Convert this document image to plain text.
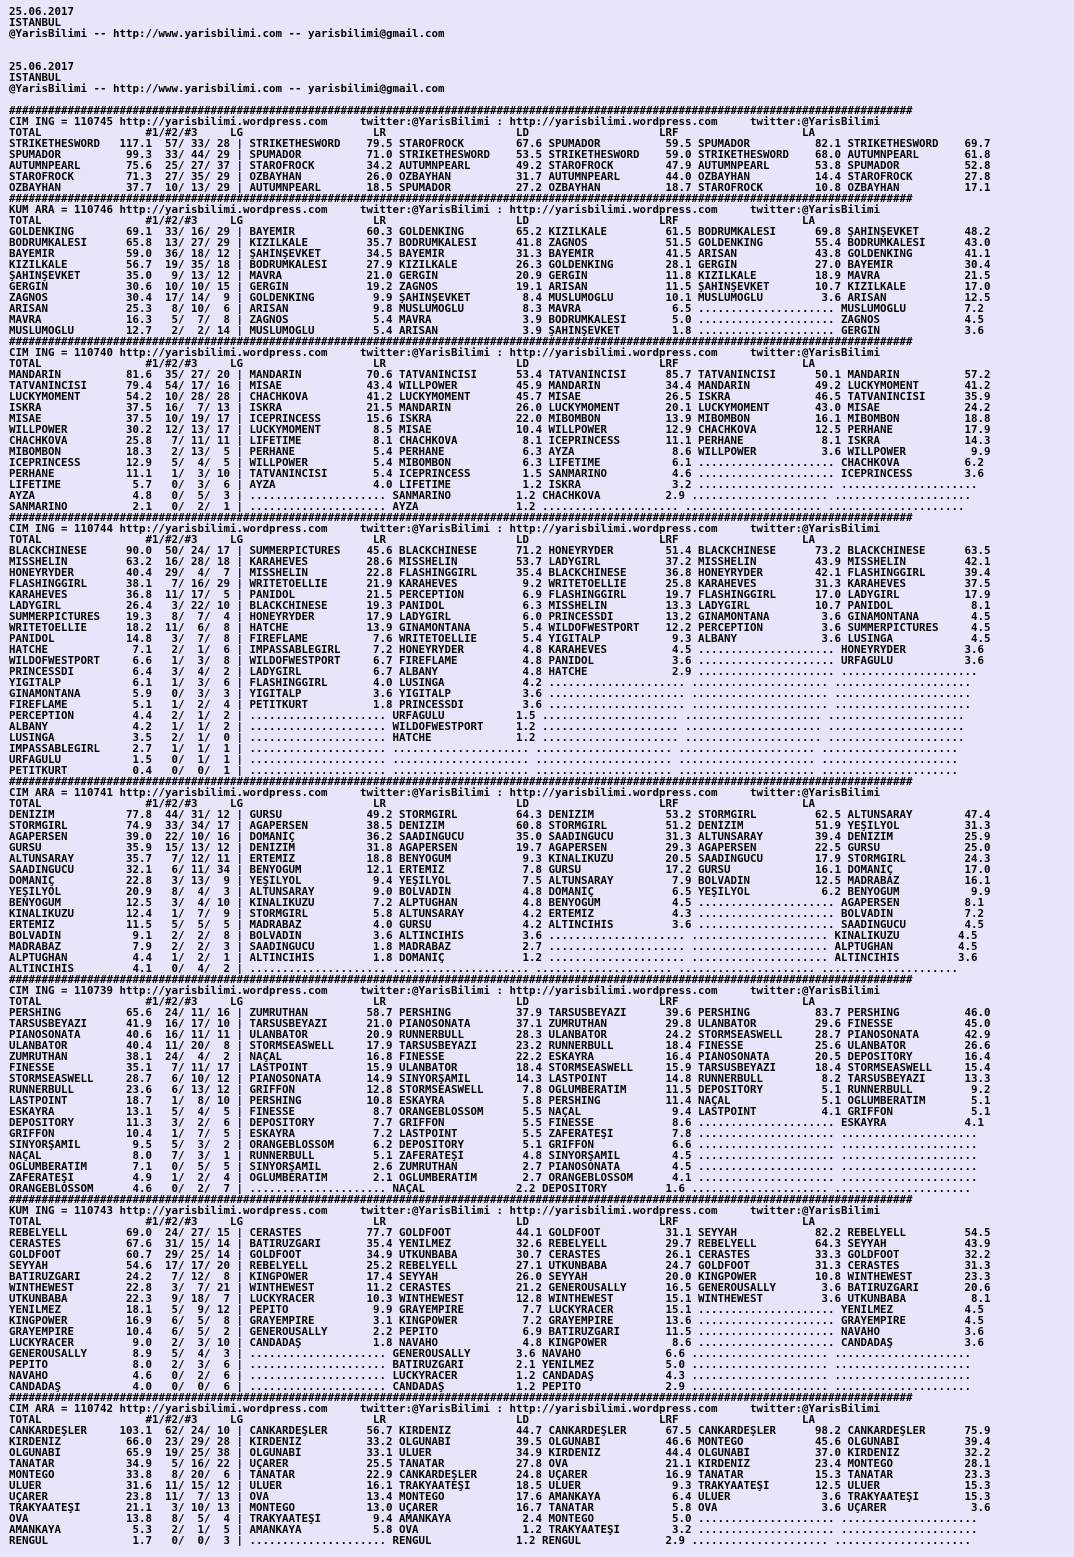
25.06.2017
ISTANBUL
@YarisBilimi -- http://www.yarisbilimi.com -- yarisbilimi@gmail.com
25.06.2017
ISTANBUL
@YarisBilimi -- http://www.yarisbilimi.com -- yarisbilimi@gmail.com
###########################################################################################################################################
CIM ING = 110745 http://yarisbilimi.wordpress.com     twitter:@YarisBilimi : http://yarisbilimi.wordpress.com     twitter:@YarisBilimi
TOTAL                #1/#2/#3     LG                    LR                    LD                    LRF                   LA
STRIKETHESWORD   117.1  57/ 33/ 28 | STRIKETHESWORD    79.5 STAROFROCK        67.6 SPUMADOR          59.5 SPUMADOR          82.1 STRIKETHESWORD    69.7
SPUMADOR          99.3  33/ 44/ 29 | SPUMADOR          71.0 STRIKETHESWORD    53.5 STRIKETHESWORD    59.0 STRIKETHESWORD    68.0 AUTUMNPEARL       61.8
AUTUMNPEARL       75.6  25/ 27/ 37 | STAROFROCK        34.2 AUTUMNPEARL       49.2 STAROFROCK        47.9 AUTUMNPEARL       53.8 SPUMADOR          52.8
STAROFROCK        71.3  27/ 35/ 29 | OZBAYHAN          26.0 OZBAYHAN          31.7 AUTUMNPEARL       44.0 OZBAYHAN          14.4 STAROFROCK        27.8
OZBAYHAN          37.7  10/ 13/ 29 | AUTUMNPEARL       18.5 SPUMADOR          27.2 OZBAYHAN          18.7 STAROFROCK        10.8 OZBAYHAN          17.1
###########################################################################################################################################
KUM ARA = 110746 http://yarisbilimi.wordpress.com     twitter:@YarisBilimi : http://yarisbilimi.wordpress.com     twitter:@YarisBilimi
TOTAL                #1/#2/#3     LG                    LR                    LD                    LRF                   LA
GOLDENKING        69.1  33/ 16/ 29 | BAYEMİR           60.3 GOLDENKING        65.2 KIZILKALE         61.5 BODRUMKALESİ      69.8 ŞAHİNŞEVKET       48.2
BODRUMKALESİ      65.8  13/ 27/ 29 | KIZILKALE         35.7 BODRUMKALESİ      41.8 ZAGNOS            51.5 GOLDENKING        55.4 BODRUMKALESİ      43.0
BAYEMİR           59.0  36/ 18/ 12 | ŞAHİNŞEVKET       34.5 BAYEMİR           31.3 BAYEMİR           41.5 ARISAN            43.8 GOLDENKING        41.1
KIZILKALE         56.7  19/ 35/ 18 | BODRUMKALESİ      27.9 KIZILKALE         26.3 GOLDENKING        28.1 GERGİN            27.0 BAYEMİR           30.4
ŞAHİNŞEVKET       35.0   9/ 13/ 12 | MAVRA             21.0 GERGİN            20.9 GERGİN            11.8 KIZILKALE         18.9 MAVRA             21.5
GERGİN            30.6  10/ 10/ 15 | GERGİN            19.2 ZAGNOS            19.1 ARISAN            11.5 ŞAHİNŞEVKET       10.7 KIZILKALE         17.0
ZAGNOS            30.4  17/ 14/  9 | GOLDENKING         9.9 ŞAHİNŞEVKET        8.4 MUSLUMOĞLU        10.1 MUSLUMOĞLU         3.6 ARISAN            12.5
ARISAN            25.3   8/ 10/  6 | ARISAN             9.8 MUSLUMOĞLU         8.3 MAVRA              6.5 ..................... MUSLUMOĞLU         7.2
MAVRA             16.3   5/  7/  8 | ZAGNOS             5.4 MAVRA              3.9 BODRUMKALESİ       5.0 ..................... ZAGNOS             4.5
MUSLUMOĞLU        12.7   2/  2/ 14 | MUSLUMOĞLU         5.4 ARISAN             3.9 ŞAHİNŞEVKET        1.8 ..................... GERGİN             3.6
###########################################################################################################################################
CIM ING = 110740 http://yarisbilimi.wordpress.com     twitter:@YarisBilimi : http://yarisbilimi.wordpress.com     twitter:@YarisBilimi
TOTAL                #1/#2/#3     LG                    LR                    LD                    LRF                   LA
MANDARİN          81.6  35/ 27/ 20 | MANDARİN          70.6 TATVANİNCİSİ      53.4 TATVANİNCİSİ      85.7 TATVANİNCİSİ      50.1 MANDARİN          57.2
TATVANİNCİSİ      79.4  54/ 17/ 16 | MİSAE             43.4 WILLPOWER         45.9 MANDARİN          34.4 MANDARİN          49.2 LUCKYMOMENT       41.2
LUCKYMOMENT       54.2  10/ 28/ 28 | CHACHKOVA         41.2 LUCKYMOMENT       45.7 MİSAE             26.5 ISKRA             46.5 TATVANİNCİSİ      35.9
ISKRA             37.5  16/  7/ 13 | ISKRA             21.5 MANDARİN          26.0 LUCKYMOMENT       20.1 LUCKYMOMENT       43.0 MİSAE             24.2
MİSAE             37.5  10/ 19/ 17 | ICEPRINCESS       15.6 ISKRA             22.0 MİBOMBON          13.9 MİBOMBON          16.1 MİBOMBON          18.8
WILLPOWER         30.2  12/ 13/ 17 | LUCKYMOMENT        8.5 MİSAE             10.4 WILLPOWER         12.9 CHACHKOVA         12.5 PERHANE           17.9
CHACHKOVA         25.8   7/ 11/ 11 | LIFETIME           8.1 CHACHKOVA          8.1 ICEPRINCESS       11.1 PERHANE            8.1 ISKRA             14.3
MİBOMBON          18.3   2/ 13/  5 | PERHANE            5.4 PERHANE            6.3 AYZA               8.6 WILLPOWER          3.6 WILLPOWER          9.9
ICEPRINCESS       12.9   5/  4/  5 | WILLPOWER          5.4 MİBOMBON           6.3 LIFETIME           6.1 ..................... CHACHKOVA          6.2
PERHANE           11.1   1/  3/ 10 | TATVANİNCİSİ       5.4 ICEPRINCESS        1.5 SANMARINO          4.6 ..................... ICEPRINCESS        3.6
LIFETIME           5.7   0/  3/  6 | AYZA               4.0 LIFETIME           1.2 ISKRA              3.2 ..................... .....................
AYZA               4.8   0/  5/  3 | ..................... SANMARINO          1.2 CHACHKOVA          2.9 ..................... .....................
SANMARINO          2.1   0/  2/  1 | ..................... AYZA               1.2 ..................... ..................... .....................
###########################################################################################################################################
CIM ING = 110744 http://yarisbilimi.wordpress.com     twitter:@YarisBilimi : http://yarisbilimi.wordpress.com     twitter:@YarisBilimi
TOTAL                #1/#2/#3     LG                    LR                    LD                    LRF                   LA
BLACKCHINESE      90.0  50/ 24/ 17 | SUMMERPICTURES    45.6 BLACKCHINESE      71.2 HONEYRYDER        51.4 BLACKCHINESE      73.2 BLACKCHINESE      63.5
MISSHELIN         63.2  16/ 28/ 18 | KARAHEVES         28.6 MISSHELIN         53.7 LADYGIRL          37.2 MISSHELIN         43.9 MISSHELIN         42.1
HONEYRYDER        40.4  29/  4/  7 | MISSHELIN         22.8 FLASHINGGIRL      35.4 BLACKCHINESE      36.8 HONEYRYDER        42.1 FLASHINGGIRL      39.4
FLASHINGGIRL      38.1   7/ 16/ 29 | WRITETOELLIE      21.9 KARAHEVES          9.2 WRITETOELLIE      25.8 KARAHEVES         31.3 KARAHEVES         37.5
KARAHEVES         36.8  11/ 17/  5 | PANIDOL           21.5 PERCEPTION         6.9 FLASHINGGIRL      19.7 FLASHINGGIRL      17.0 LADYGIRL          17.9
LADYGIRL          26.4   3/ 22/ 10 | BLACKCHINESE      19.3 PANIDOL            6.3 MISSHELIN         13.3 LADYGIRL          10.7 PANIDOL            8.1
SUMMERPICTURES    19.3   8/  7/  4 | HONEYRYDER        17.9 LADYGIRL           6.0 PRINCESSDI        13.2 GINAMONTANA        3.6 GINAMONTANA        4.5
WRITETOELLIE      18.2  11/  6/  8 | HATCHE            13.9 GINAMONTANA        5.4 WILDOFWESTPORT    12.2 PERCEPTION         3.6 SUMMERPICTURES     4.5
PANIDOL           14.8   3/  7/  8 | FIREFLAME          7.6 WRITETOELLIE       5.4 YIGITALP           9.3 ALBANY             3.6 LUSINGA            4.5
HATCHE             7.1   2/  1/  6 | IMPASSABLEGIRL     7.2 HONEYRYDER         4.8 KARAHEVES          4.5 ..................... HONEYRYDER         3.6
WILDOFWESTPORT     6.6   1/  3/  8 | WILDOFWESTPORT     6.7 FIREFLAME          4.8 PANIDOL            3.6 ..................... URFAGULU           3.6
PRINCESSDI         6.4   3/  4/  2 | LADYGIRL           6.7 ALBANY             4.8 HATCHE             2.9 ..................... .....................
YIGITALP           6.1   1/  3/  6 | FLASHINGGIRL       4.0 LUSINGA            4.2 ..................... ..................... .....................
GINAMONTANA        5.9   0/  3/  3 | YIGITALP           3.6 YIGITALP           3.6 ..................... ..................... .....................
FIREFLAME          5.1   1/  2/  4 | PETITKURT          1.8 PRINCESSDI         3.6 ..................... ..................... .....................
PERCEPTION         4.4   2/  1/  2 | ..................... URFAGULU           1.5 ..................... ..................... .....................
ALBANY             4.2   1/  1/  2 | ..................... WILDOFWESTPORT     1.2 ..................... ..................... .....................
LUSINGA            3.5   2/  1/  0 | ..................... HATCHE             1.2 ..................... ..................... .....................
IMPASSABLEGIRL     2.7   1/  1/  1 | ..................... ..................... ..................... ..................... .....................
URFAGULU           1.5   0/  1/  1 | ..................... ..................... ..................... ..................... .....................
PETITKURT          0.4   0/  0/  1 | ..................... ..................... ..................... ..................... .....................
###########################################################################################################################################
CIM ARA = 110741 http://yarisbilimi.wordpress.com     twitter:@YarisBilimi : http://yarisbilimi.wordpress.com     twitter:@YarisBilimi
TOTAL                #1/#2/#3     LG                    LR                    LD                    LRF                   LA
DENİZİM           77.8  44/ 31/ 12 | GURSU             49.2 STORMGIRL         64.3 DENİZİM           53.2 STORMGIRL         62.5 ALTUNSARAY        47.4
STORMGIRL         74.9  33/ 34/ 17 | AGAPERSEN         38.5 DENİZİM           60.8 STORMGIRL         51.2 DENİZİM           51.9 YEŞİLYOL          31.3
AGAPERSEN         39.0  22/ 10/ 16 | DOMANİÇ           36.2 SAADINGUCU        35.0 SAADINGUCU        31.3 ALTUNSARAY        39.4 DENİZİM           25.9
GURSU             35.9  15/ 13/ 12 | DENİZİM           31.8 AGAPERSEN         19.7 AGAPERSEN         29.3 AGAPERSEN         22.5 GURSU             25.0
ALTUNSARAY        35.7   7/ 12/ 11 | ERTEMİZ           18.8 BENYOĞUM           9.3 KINALIKUZU        20.5 SAADINGUCU        17.9 STORMGIRL         24.3
SAADINGUCU        32.1   6/ 11/ 34 | BENYOĞUM          12.1 ERTEMİZ            7.8 GURSU             17.2 GURSU             16.1 DOMANİÇ           17.0
DOMANİÇ           22.8   3/ 13/  9 | YEŞİLYOL           9.4 YEŞİLYOL           7.5 ALTUNSARAY         7.9 BOLVADİN          12.5 MADRABAZ          16.1
YEŞİLYOL          20.9   8/  4/  3 | ALTUNSARAY         9.0 BOLVADİN           4.8 DOMANİÇ            6.5 YEŞİLYOL           6.2 BENYOĞUM           9.9
BENYOĞUM          12.5   3/  4/ 10 | KINALIKUZU         7.2 ALPTUĞHAN          4.8 BENYOĞUM           4.5 ..................... AGAPERSEN          8.1
KINALIKUZU        12.4   1/  7/  9 | STORMGIRL          5.8 ALTUNSARAY         4.2 ERTEMİZ            4.3 ..................... BOLVADİN           7.2
ERTEMİZ           11.5   5/  5/  5 | MADRABAZ           4.0 GURSU              4.2 ALTINCIHİS         3.6 ..................... SAADINGUCU         4.5
BOLVADİN           9.1   2/  2/  8 | BOLVADİN           3.6 ALTINCIHİS         3.6 ..................... ..................... KINALIKUZU         4.5
MADRABAZ           7.9   2/  2/  3 | SAADINGUCU         1.8 MADRABAZ           2.7 ..................... ..................... ALPTUĞHAN          4.5
ALPTUĞHAN          4.4   1/  2/  1 | ALTINCIHİS         1.8 DOMANİÇ            1.2 ..................... ..................... ALTINCIHİS         3.6
ALTINCIHİS         4.1   0/  4/  2 | ..................... ..................... ..................... ..................... .....................
###########################################################################################################################################
CIM ING = 110739 http://yarisbilimi.wordpress.com     twitter:@YarisBilimi : http://yarisbilimi.wordpress.com     twitter:@YarisBilimi
TOTAL                #1/#2/#3     LG                    LR                    LD                    LRF                   LA
PERSHING          65.6  24/ 11/ 16 | ZUMRUTHAN         58.7 PERSHING          37.9 TARSUSBEYAZI      39.6 PERSHING          83.7 PERSHING          46.0
TARSUSBEYAZI      41.9  16/ 17/ 10 | TARSUSBEYAZI      21.0 PIANOSONATA       37.1 ZUMRUTHAN         29.8 ULANBATOR         29.6 FINESSE           45.0
PIANOSONATA       40.6  16/ 11/ 11 | ULANBATOR         20.9 RUNNERBULL        28.3 ULANBATOR         24.2 STORMSEASWELL     28.7 PIANOSONATA       42.9
ULANBATOR         40.4  11/ 20/  8 | STORMSEASWELL     17.9 TARSUSBEYAZI      23.2 RUNNERBULL        18.4 FINESSE           25.6 ULANBATOR         26.6
ZUMRUTHAN         38.1  24/  4/  2 | NAÇAL             16.8 FINESSE           22.2 ESKAYRA           16.4 PIANOSONATA       20.5 DEPOSITORY        16.4
FINESSE           35.1   7/ 11/ 17 | LASTPOINT         15.9 ULANBATOR         18.4 STORMSEASWELL     15.9 TARSUSBEYAZI      18.4 STORMSEASWELL     15.4
STORMSEASWELL     28.7   6/ 10/ 12 | PIANOSONATA       14.9 SINYORŞAMİL       14.3 LASTPOINT         14.8 RUNNERBULL         8.2 TARSUSBEYAZI      13.3
RUNNERBULL        23.6   6/ 13/ 12 | GRIFFON           12.8 STORMSEASWELL      7.8 OĞLUMBERATİM      11.5 DEPOSITORY         5.1 RUNNERBULL         9.2
LASTPOINT         18.7   1/  8/ 10 | PERSHING          10.8 ESKAYRA            5.8 PERSHING          11.4 NAÇAL              5.1 OĞLUMBERATİM       5.1
ESKAYRA           13.1   5/  4/  5 | FINESSE            8.7 ORANGEBLOSSOM      5.5 NAÇAL              9.4 LASTPOINT          4.1 GRIFFON            5.1
DEPOSITORY        11.3   3/  2/  6 | DEPOSITORY         7.7 GRIFFON            5.5 FINESSE            8.6 ..................... ESKAYRA            4.1
GRIFFON           10.4   1/  7/  5 | ESKAYRA            7.2 LASTPOINT          5.5 ZAFERATEŞİ         7.8 ..................... .....................
SINYORŞAMİL        9.5   5/  3/  2 | ORANGEBLOSSOM      6.2 DEPOSITORY         5.1 GRIFFON            6.6 ..................... .....................
NAÇAL              8.0   7/  3/  1 | RUNNERBULL         5.1 ZAFERATEŞİ         4.8 SINYORŞAMİL        4.5 ..................... .....................
OĞLUMBERATİM       7.1   0/  5/  5 | SINYORŞAMİL        2.6 ZUMRUTHAN          2.7 PIANOSONATA        4.5 ..................... .....................
ZAFERATEŞİ         4.9   1/  2/  4 | OĞLUMBERATİM       2.1 OĞLUMBERATİM       2.7 ORANGEBLOSSOM      4.1 ..................... .....................
ORANGEBLOSSOM      4.6   0/  2/  7 | ..................... NAÇAL              2.2 DEPOSITORY         1.6 ..................... .....................
###########################################################################################################################################
KUM ING = 110743 http://yarisbilimi.wordpress.com     twitter:@YarisBilimi : http://yarisbilimi.wordpress.com     twitter:@YarisBilimi
TOTAL                #1/#2/#3     LG                    LR                    LD                    LRF                   LA
REBELYELL         69.0  24/ 27/ 15 | CERASTES          77.7 GOLDFOOT          44.1 GOLDFOOT          31.1 SEYYAH            82.2 REBELYELL         54.5
CERASTES          67.6  31/ 15/ 14 | BATIRUZGARI       35.4 YENİLMEZ          32.6 REBELYELL         29.7 REBELYELL         64.3 SEYYAH            43.9
GOLDFOOT          60.7  29/ 25/ 14 | GOLDFOOT          34.9 UTKUNBABA         30.7 CERASTES          26.1 CERASTES          33.3 GOLDFOOT          32.2
SEYYAH            54.6  17/ 17/ 20 | REBELYELL         25.2 REBELYELL         27.1 UTKUNBABA         24.7 GOLDFOOT          31.3 CERASTES          31.3
BATIRUZGARI       24.2   7/ 12/  8 | KINGPOWER         17.4 SEYYAH            26.0 SEYYAH            20.0 KINGPOWER         10.8 WINTHEWEST        23.3
WINTHEWEST        22.8   3/  7/ 21 | WINTHEWEST        11.2 CERASTES          21.2 GENEROUSALLY      16.5 GENEROUSALLY       3.6 BATIRUZGARI       20.6
UTKUNBABA         22.3   9/ 18/  7 | LUCKYRACER        10.3 WINTHEWEST        12.8 WINTHEWEST        15.1 WINTHEWEST         3.6 UTKUNBABA          8.1
YENİLMEZ          18.1   5/  9/ 12 | PEPITO             9.9 GRAYEMPIRE         7.7 LUCKYRACER        15.1 ..................... YENİLMEZ           4.5
KINGPOWER         16.9   6/  5/  8 | GRAYEMPIRE         3.1 KINGPOWER          7.2 GRAYEMPIRE        13.6 ..................... GRAYEMPIRE         4.5
GRAYEMPIRE        10.4   6/  5/  2 | GENEROUSALLY       2.2 PEPITO             6.9 BATIRUZGARI       11.5 ..................... NAVAHO             3.6
LUCKYRACER         9.0   2/  3/ 10 | CANDADAŞ           1.8 NAVAHO             4.8 KINGPOWER          8.6 ..................... CANDADAŞ           3.6
GENEROUSALLY       8.9   5/  4/  3 | ..................... GENEROUSALLY       3.6 NAVAHO             6.6 ..................... .....................
PEPITO             8.0   2/  3/  6 | ..................... BATIRUZGARI        2.1 YENİLMEZ           5.0 ..................... .....................
NAVAHO             4.6   0/  2/  6 | ..................... LUCKYRACER         1.2 CANDADAŞ           4.3 ..................... .....................
CANDADAŞ           4.0   0/  0/  6 | ..................... CANDADAŞ           1.2 PEPITO             2.9 ..................... .....................
###########################################################################################################################################
CIM ARA = 110742 http://yarisbilimi.wordpress.com     twitter:@YarisBilimi : http://yarisbilimi.wordpress.com     twitter:@YarisBilimi
TOTAL                #1/#2/#3     LG                    LR                    LD                    LRF                   LA
CANKARDEŞLER     103.1  62/ 24/ 10 | CANKARDEŞLER      56.7 KIRDENİZ          44.7 CANKARDEŞLER      67.5 CANKARDEŞLER      98.2 CANKARDEŞLER      75.9
KIRDENİZ          66.0  23/ 29/ 28 | KIRDENİZ          33.2 OLGUNABİ          39.5 OLGUNABİ          46.6 MONTEGO           45.6 OLGUNABİ          39.4
OLGUNABİ          65.9  19/ 25/ 38 | OLGUNABİ          33.1 ULUER             34.9 KIRDENİZ          44.4 OLGUNABİ          37.0 KIRDENİZ          32.2
TANATAR           34.9   5/ 16/ 22 | UÇARER            25.5 TANATAR           27.8 OVA               21.1 KIRDENİZ          23.4 MONTEGO           28.1
MONTEGO           33.8   8/ 20/  6 | TANATAR           22.9 CANKARDEŞLER      24.8 UÇARER            16.9 TANATAR           15.3 TANATAR           23.3
ULUER             31.6  11/ 15/ 12 | ULUER             16.1 TRAKYAATEŞİ       18.5 ULUER              9.3 TRAKYAATEŞİ       12.5 ULUER             15.3
UÇARER            23.8  11/  7/ 13 | OVA               13.4 MONTEGO           17.6 AMANKAYA           6.4 ULUER              3.6 TRAKYAATEŞİ       15.3
TRAKYAATEŞİ       21.1   3/ 10/ 13 | MONTEGO           13.0 UÇARER            16.7 TANATAR            5.8 OVA                3.6 UÇARER             3.6
OVA               13.8   8/  5/  4 | TRAKYAATEŞİ        9.4 AMANKAYA           2.4 MONTEGO            5.0 ..................... .....................
AMANKAYA           5.3   2/  1/  5 | AMANKAYA           5.8 OVA                1.2 TRAKYAATEŞİ        3.2 ..................... .....................
RENGUL             1.7   0/  0/  3 | ..................... RENGUL             1.2 RENGUL             2.9 ..................... .....................
